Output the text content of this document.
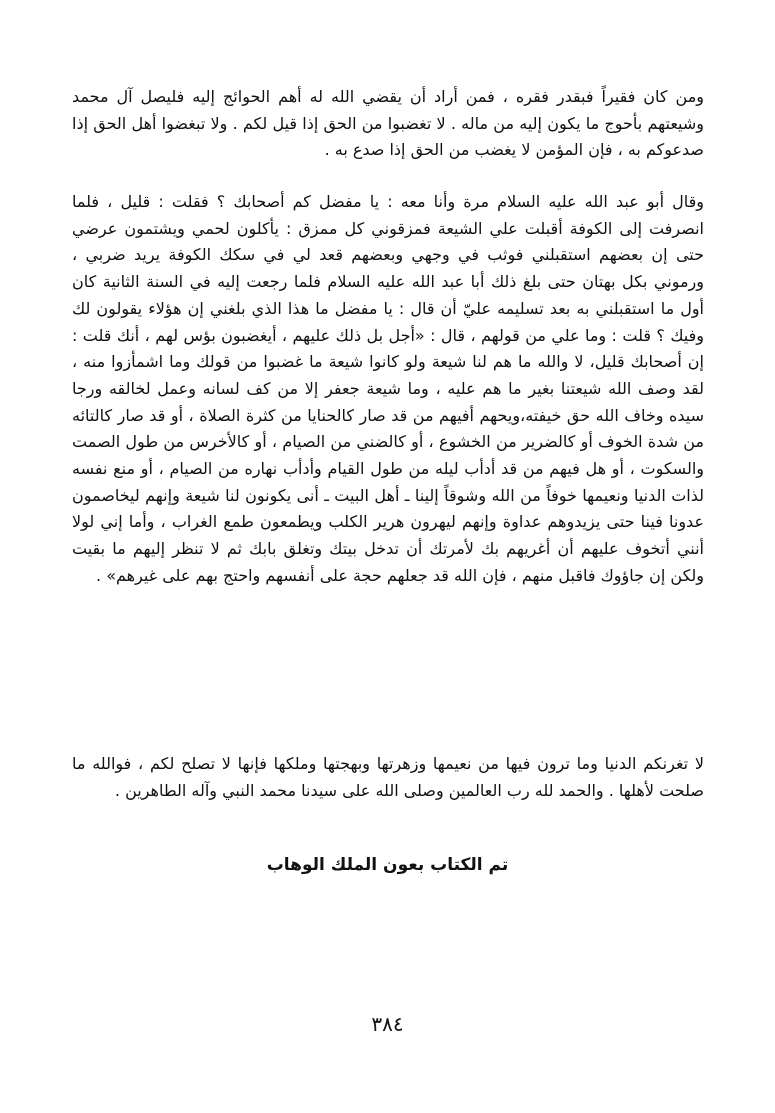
ومن كان فقيراً فبقدر فقره ، فمن أراد أن يقضي الله له أهم الحوائج إليه فليصل آل محمد وشيعتهم بأحوج ما يكون إليه من ماله . لا تغضبوا من الحق إذا قيل لكم . ولا تبغضوا أهل الحق إذا صدعوكم به ، فإن المؤمن لا يغضب من الحق إذا صدع به .

وقال أبو عبد الله عليه السلام مرة وأنا معه : يا مفضل كم أصحابك ؟ فقلت : قليل ، فلما انصرفت إلى الكوفة أقبلت علي الشيعة فمزقوني كل ممزق : يأكلون لحمي ويشتمون عرضي حتى إن بعضهم استقبلني فوثب في وجهي وبعضهم قعد لي في سكك الكوفة يريد ضربي ، ورموني بكل بهتان حتى بلغ ذلك أبا عبد الله عليه السلام فلما رجعت إليه في السنة الثانية كان أول ما استقبلني به بعد تسليمه عليّ أن قال : يا مفضل ما هذا الذي بلغني إن هؤلاء يقولون لك وفيك ؟ قلت : وما علي من قولهم ، قال : «أجل بل ذلك عليهم ، أيغضبون بؤس لهم ، أنك قلت : إن أصحابك قليل، لا والله ما هم لنا شيعة ولو كانوا شيعة ما غضبوا من قولك وما اشمأزوا منه ، لقد وصف الله شيعتنا بغير ما هم عليه ، وما شيعة جعفر إلا من كف لسانه وعمل لخالقه ورجا سيده وخاف الله حق خيفته،ويحهم أفيهم من قد صار كالحنايا من كثرة الصلاة ، أو قد صار كالتائه من شدة الخوف أو كالضرير من الخشوع ، أو كالضني من الصيام ، أو كالأخرس من طول الصمت والسكوت ، أو هل فيهم من قد أدأب ليله من طول القيام وأدأب نهاره من الصيام ، أو منع نفسه لذات الدنيا ونعيمها خوفاً من الله وشوقاً إلينا ـ أهل البيت ـ أنى يكونون لنا شيعة وإنهم ليخاصمون عدونا فينا حتى يزيدوهم عداوة وإنهم ليهرون هرير الكلب ويطمعون طمع الغراب ، وأما إني لولا أنني أتخوف عليهم أن أغريهم بك لأمرتك أن تدخل بيتك وتغلق بابك ثم لا تنظر إليهم ما بقيت ولكن إن جاؤوك فاقبل منهم ، فإن الله قد جعلهم حجة على أنفسهم واحتج بهم على غيرهم» .

لا تغرنكم الدنيا وما ترون فيها من نعيمها وزهرتها وبهجتها وملكها فإنها لا تصلح لكم ، فوالله ما صلحت لأهلها . والحمد لله رب العالمين وصلى الله على سيدنا محمد النبي وآله الطاهرين .

تم الكتاب بعون الملك الوهاب

٣٨٤
